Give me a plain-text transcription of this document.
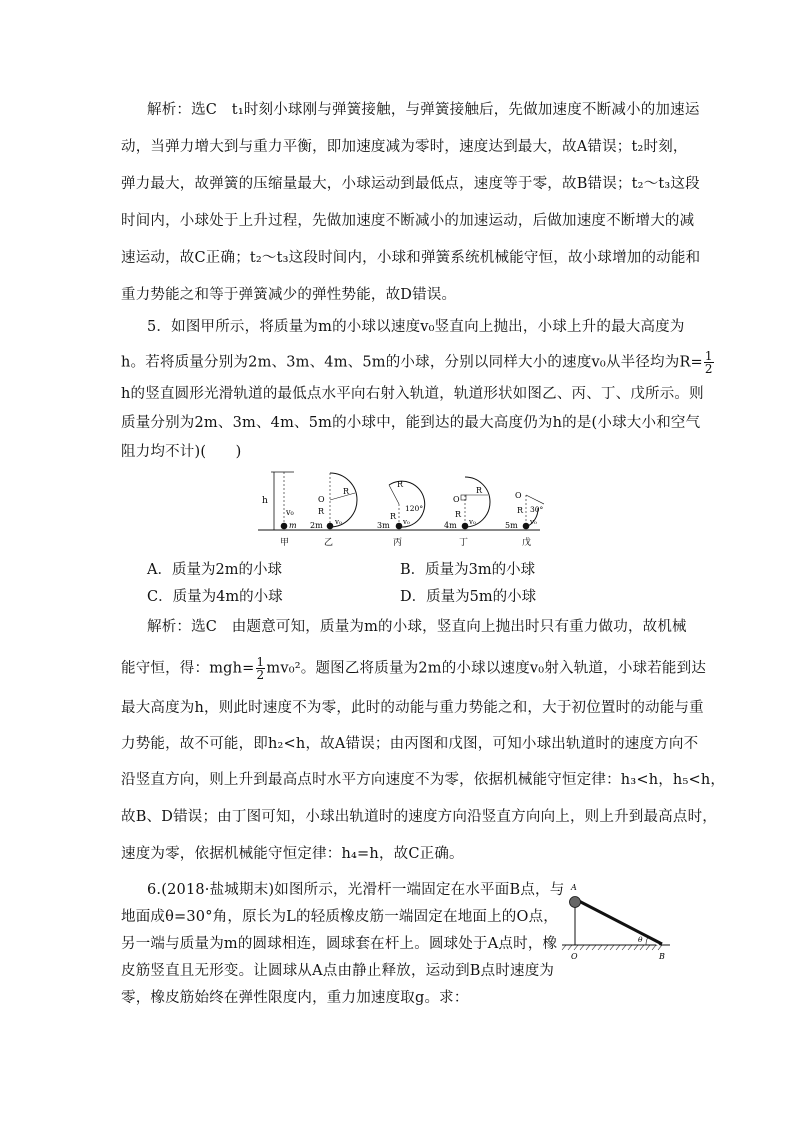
解析：选C　t₁时刻小球刚与弹簧接触，与弹簧接触后，先做加速度不断减小的加速运
动，当弹力增大到与重力平衡，即加速度减为零时，速度达到最大，故A错误；t₂时刻，
弹力最大，故弹簧的压缩量最大，小球运动到最低点，速度等于零，故B错误；t₂～t₃这段
时间内，小球处于上升过程，先做加速度不断减小的加速运动，后做加速度不断增大的减
速运动，故C正确；t₂～t₃这段时间内，小球和弹簧系统机械能守恒，故小球增加的动能和
重力势能之和等于弹簧减少的弹性势能，故D错误。
5．如图甲所示，将质量为m的小球以速度v₀竖直向上抛出，小球上升的最大高度为
h。若将质量分别为2m、3m、4m、5m的小球，分别以同样大小的速度v₀从半径均为$R= \frac{1}{2}$
h的竖直圆形光滑轨道的最低点水平向右射入轨道，轨道形状如图乙、丙、丁、戊所示。则
质量分别为2m、3m、4m、5m的小球中，能到达的最大高度仍为h的是(小球大小和空气
阻力均不计)(　　)
h
v₀
m
甲
O
R
R
2m v₀
乙
R
R
120°
3m v₀
丙
O
R
R
4m v₀
丁
O
R 30°
5m v₀
戊
A．质量为2m的小球	B．质量为3m的小球
C．质量为4m的小球	D．质量为5m的小球
解析：选C　由题意可知，质量为m的小球，竖直向上抛出时只有重力做功，故机械
能守恒，得：$mgh= \frac{1}{2} mv_0^2$。题图乙将质量为2m的小球以速度v₀射入轨道，小球若能到达
最大高度为h，则此时速度不为零，此时的动能与重力势能之和，大于初位置时的动能与重
力势能，故不可能，即h₂<h，故A错误；由丙图和戊图，可知小球出轨道时的速度方向不
沿竖直方向，则上升到最高点时水平方向速度不为零，依据机械能守恒定律：h₃<h，h₅<h，
故B、D错误；由丁图可知，小球出轨道时的速度方向沿竖直方向向上，则上升到最高点时，
速度为零，依据机械能守恒定律：h₄=h，故C正确。
6.(2018·盐城期末)如图所示，光滑杆一端固定在水平面B点，与
地面成θ=30°角，原长为L的轻质橡皮筋一端固定在地面上的O点，
另一端与质量为m的圆球相连，圆球套在杆上。圆球处于A点时，橡
皮筋竖直且无形变。让圆球从A点由静止释放，运动到B点时速度为
零，橡皮筋始终在弹性限度内，重力加速度取g。求：
A
O	B
θ
